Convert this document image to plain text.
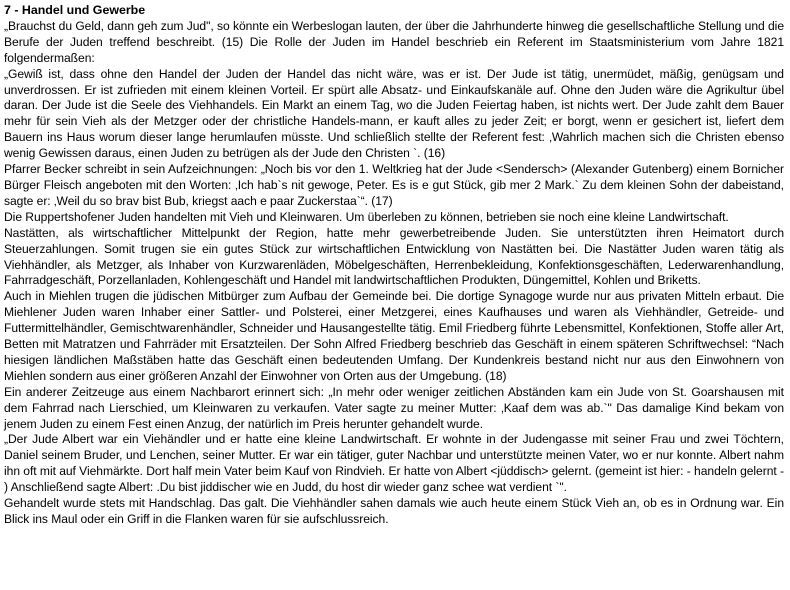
7 - Handel und Gewerbe

„Brauchst du Geld, dann geh zum Jud", so könnte ein Werbeslogan lauten, der über die Jahrhunderte hinweg die gesellschaftliche Stellung und die Berufe der Juden treffend beschreibt. (15) Die Rolle der Juden im Handel beschrieb ein Referent im Staatsministerium vom Jahre 1821 folgendermaßen:

„Gewiß ist, dass ohne den Handel der Juden der Handel das nicht wäre, was er ist. Der Jude ist tätig, unermüdet, mäßig, genügsam und unverdrossen. Er ist zufrieden mit einem kleinen Vorteil. Er spürt alle Absatz- und Einkaufskanäle auf. Ohne den Juden wäre die Agrikultur übel daran. Der Jude ist die Seele des Viehhandels. Ein Markt an einem Tag, wo die Juden Feiertag haben, ist nichts wert. Der Jude zahlt dem Bauer mehr für sein Vieh als der Metzger oder der christliche Handels-mann, er kauft alles zu jeder Zeit; er borgt, wenn er gesichert ist, liefert dem Bauern ins Haus worum dieser lange herumlaufen müsste. Und schließlich stellte der Referent fest: ‚Wahrlich machen sich die Christen ebenso wenig Gewissen daraus, einen Juden zu betrügen als der Jude den Christen `. (16)

Pfarrer Becker schreibt in sein Aufzeichnungen: „Noch bis vor den 1. Weltkrieg hat der Jude <Sendersch> (Alexander Gutenberg) einem Bornicher Bürger Fleisch angeboten mit den Worten: ‚Ich hab`s nit gewoge, Peter. Es is e gut Stück, gib mer 2 Mark.` Zu dem kleinen Sohn der dabeistand, sagte er: ‚Weil du so brav bist Bub, kriegst aach e paar Zuckerstaa`“. (17)

Die Ruppertshofener Juden handelten mit Vieh und Kleinwaren. Um überleben zu können, betrieben sie noch eine kleine Landwirtschaft.

Nastätten, als wirtschaftlicher Mittelpunkt der Region, hatte mehr gewerbetreibende Juden. Sie unterstützten ihren Heimatort durch Steuerzahlungen. Somit trugen sie ein gutes Stück zur wirtschaftlichen Entwicklung von Nastätten bei. Die Nastätter Juden waren tätig als Viehhändler, als Metzger, als Inhaber von Kurzwarenläden, Möbelgeschäften, Herrenbekleidung, Konfektionsgeschäften, Lederwarenhandlung, Fahrradgeschäft, Porzellanladen, Kohlengeschäft und Handel mit landwirtschaftlichen Produkten, Düngemittel, Kohlen und Briketts.

Auch in Miehlen trugen die jüdischen Mitbürger zum Aufbau der Gemeinde bei. Die dortige Synagoge wurde nur aus privaten Mitteln erbaut. Die Miehlener Juden waren Inhaber einer Sattler- und Polsterei, einer Metzgerei, eines Kaufhauses und waren als Viehhändler, Getreide- und Futtermittelhändler, Gemischtwarenhändler, Schneider und Hausangestellte tätig. Emil Friedberg führte Lebensmittel, Konfektionen, Stoffe aller Art, Betten mit Matratzen und Fahrräder mit Ersatzteilen. Der Sohn Alfred Friedberg beschrieb das Geschäft in einem späteren Schriftwechsel: “Nach hiesigen ländlichen Maßstäben hatte das Geschäft einen bedeutenden Umfang. Der Kundenkreis bestand nicht nur aus den Einwohnern von Miehlen sondern aus einer größeren Anzahl der Einwohner von Orten aus der Umgebung. (18)

Ein anderer Zeitzeuge aus einem Nachbarort erinnert sich: „In mehr oder weniger zeitlichen Abständen kam ein Jude von St. Goarshausen mit dem Fahrrad nach Lierschied, um Kleinwaren zu verkaufen. Vater sagte zu meiner Mutter: ‚Kaaf dem was ab.`" Das damalige Kind bekam von jenem Juden zu einem Fest einen Anzug, der natürlich im Preis herunter gehandelt wurde.

„Der Jude Albert war ein Viehändler und er hatte eine kleine Landwirtschaft. Er wohnte in der Judengasse mit seiner Frau und zwei Töchtern, Daniel seinem Bruder, und Lenchen, seiner Mutter. Er war ein tätiger, guter Nachbar und unterstützte meinen Vater, wo er nur konnte. Albert nahm ihn oft mit auf Viehmärkte. Dort half mein Vater beim Kauf von Rindvieh. Er hatte von Albert <jüddisch> gelernt. (gemeint ist hier: - handeln gelernt - ) Anschließend sagte Albert: .Du bist jiddischer wie en Judd, du host dir wieder ganz schee wat verdient `".

Gehandelt wurde stets mit Handschlag. Das galt. Die Viehhändler sahen damals wie auch heute einem Stück Vieh an, ob es in Ordnung war. Ein Blick ins Maul oder ein Griff in die Flanken waren für sie aufschlussreich.
